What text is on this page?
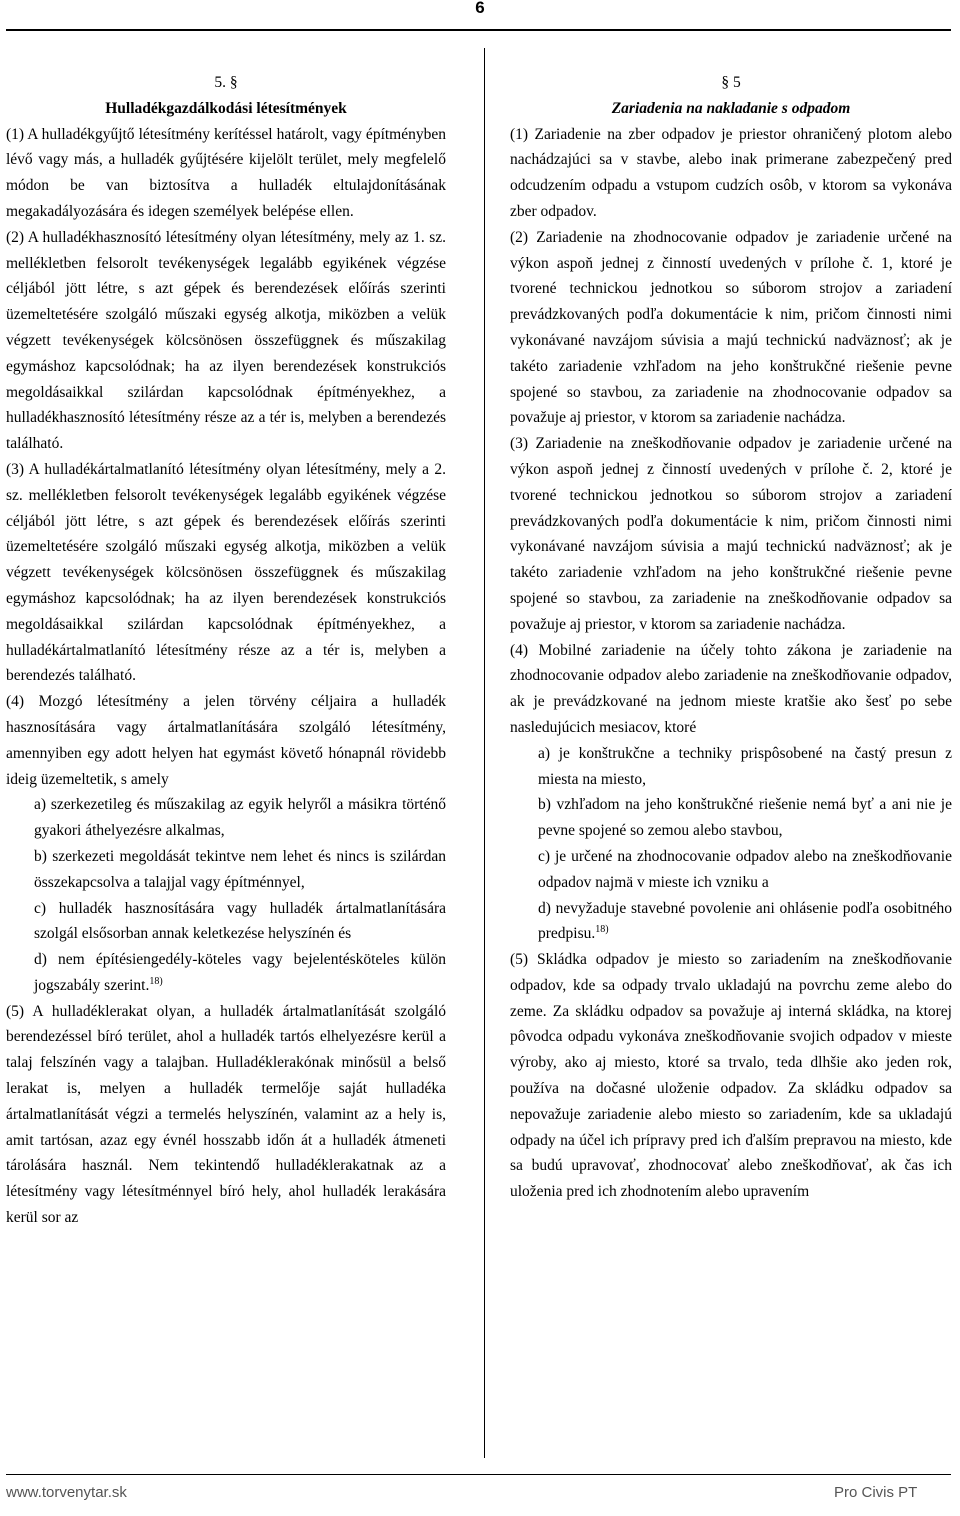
6

5. §

Hulladékgazdálkodási létesítmények

(1) A hulladékgyűjtő létesítmény kerítéssel határolt, vagy építményben lévő vagy más, a hulladék gyűjtésére kijelölt terület, mely megfelelő módon be van biztosítva a hulladék eltulajdonításának megakadályozására és idegen személyek belépése ellen.

(2) A hulladékhasznosító létesítmény olyan létesítmény, mely az 1. sz. mellékletben felsorolt tevékenységek legalább egyikének végzése céljából jött létre, s azt gépek és berendezések előírás szerinti üzemeltetésére szolgáló műszaki egység alkotja, miközben a velük végzett tevékenységek kölcsönösen összefüggnek és műszakilag egymáshoz kapcsolódnak; ha az ilyen berendezések konstrukciós megoldásaikkal szilárdan kapcsolódnak építményekhez, a hulladékhasznosító létesítmény része az a tér is, melyben a berendezés található.

(3) A hulladékártalmatlanító létesítmény olyan létesítmény, mely a 2. sz. mellékletben felsorolt tevékenységek legalább egyikének végzése céljából jött létre, s azt gépek és berendezések előírás szerinti üzemeltetésére szolgáló műszaki egység alkotja, miközben a velük végzett tevékenységek kölcsönösen összefüggnek és műszakilag egymáshoz kapcsolódnak; ha az ilyen berendezések konstrukciós megoldásaikkal szilárdan kapcsolódnak építményekhez, a hulladékártalmatlanító létesítmény része az a tér is, melyben a berendezés található.

(4) Mozgó létesítmény a jelen törvény céljaira a hulladék hasznosítására vagy ártalmatlanítására szolgáló létesítmény, amennyiben egy adott helyen hat egymást követő hónapnál rövidebb ideig üzemeltetik, s amely

a) szerkezetileg és műszakilag az egyik helyről a másikra történő gyakori áthelyezésre alkalmas,

b) szerkezeti megoldását tekintve nem lehet és nincs is szilárdan összekapcsolva a talajjal vagy építménnyel,

c) hulladék hasznosítására vagy hulladék ártalmatlanítására szolgál elsősorban annak keletkezése helyszínén és

d) nem építésiengedély-köteles vagy bejelentésköteles külön jogszabály szerint.$^{18)}$

(5) A hulladéklerakat olyan, a hulladék ártalmatlanítását szolgáló berendezéssel bíró terület, ahol a hulladék tartós elhelyezésre kerül a talaj felszínén vagy a talajban. Hulladéklerakónak minősül a belső lerakat is, melyen a hulladék termelője saját hulladéka ártalmatlanítását végzi a termelés helyszínén, valamint az a hely is, amit tartósan, azaz egy évnél hosszabb időn át a hulladék átmeneti tárolására használ. Nem tekintendő hulladéklerakatnak az a létesítmény vagy létesítménnyel bíró hely, ahol hulladék lerakására kerül sor az

§ 5

Zariadenia na nakladanie s odpadom

(1) Zariadenie na zber odpadov je priestor ohraničený plotom alebo nachádzajúci sa v stavbe, alebo inak primerane zabezpečený pred odcudzením odpadu a vstupom cudzích osôb, v ktorom sa vykonáva zber odpadov.

(2) Zariadenie na zhodnocovanie odpadov je zariadenie určené na výkon aspoň jednej z činností uvedených v prílohe č. 1, ktoré je tvorené technickou jednotkou so súborom strojov a zariadení prevádzkovaných podľa dokumentácie k nim, pričom činnosti nimi vykonávané navzájom súvisia a majú technickú nadväznosť; ak je takéto zariadenie vzhľadom na jeho konštrukčné riešenie pevne spojené so stavbou, za zariadenie na zhodnocovanie odpadov sa považuje aj priestor, v ktorom sa zariadenie nachádza.

(3) Zariadenie na zneškodňovanie odpadov je zariadenie určené na výkon aspoň jednej z činností uvedených v prílohe č. 2, ktoré je tvorené technickou jednotkou so súborom strojov a zariadení prevádzkovaných podľa dokumentácie k nim, pričom činnosti nimi vykonávané navzájom súvisia a majú technickú nadväznosť; ak je takéto zariadenie vzhľadom na jeho konštrukčné riešenie pevne spojené so stavbou, za zariadenie na zneškodňovanie odpadov sa považuje aj priestor, v ktorom sa zariadenie nachádza.

(4) Mobilné zariadenie na účely tohto zákona je zariadenie na zhodnocovanie odpadov alebo zariadenie na zneškodňovanie odpadov, ak je prevádzkované na jednom mieste kratšie ako šesť po sebe nasledujúcich mesiacov, ktoré

a) je konštrukčne a techniky prispôsobené na častý presun z miesta na miesto,

b) vzhľadom na jeho konštrukčné riešenie nemá byť a ani nie je pevne spojené so zemou alebo stavbou,

c) je určené na zhodnocovanie odpadov alebo na zneškodňovanie odpadov najmä v mieste ich vzniku a

d) nevyžaduje stavebné povolenie ani ohlásenie podľa osobitného predpisu.$^{18)}$

(5) Skládka odpadov je miesto so zariadením na zneškodňovanie odpadov, kde sa odpady trvalo ukladajú na povrchu zeme alebo do zeme. Za skládku odpadov sa považuje aj interná skládka, na ktorej pôvodca odpadu vykonáva zneškodňovanie svojich odpadov v mieste výroby, ako aj miesto, ktoré sa trvalo, teda dlhšie ako jeden rok, používa na dočasné uloženie odpadov. Za skládku odpadov sa nepovažuje zariadenie alebo miesto so zariadením, kde sa ukladajú odpady na účel ich prípravy pred ich ďalším prepravou na miesto, kde sa budú upravovať, zhodnocovať alebo zneškodňovať, ak čas ich uloženia pred ich zhodnotením alebo upravením

www.torvenytar.sk	Pro Civis PT
